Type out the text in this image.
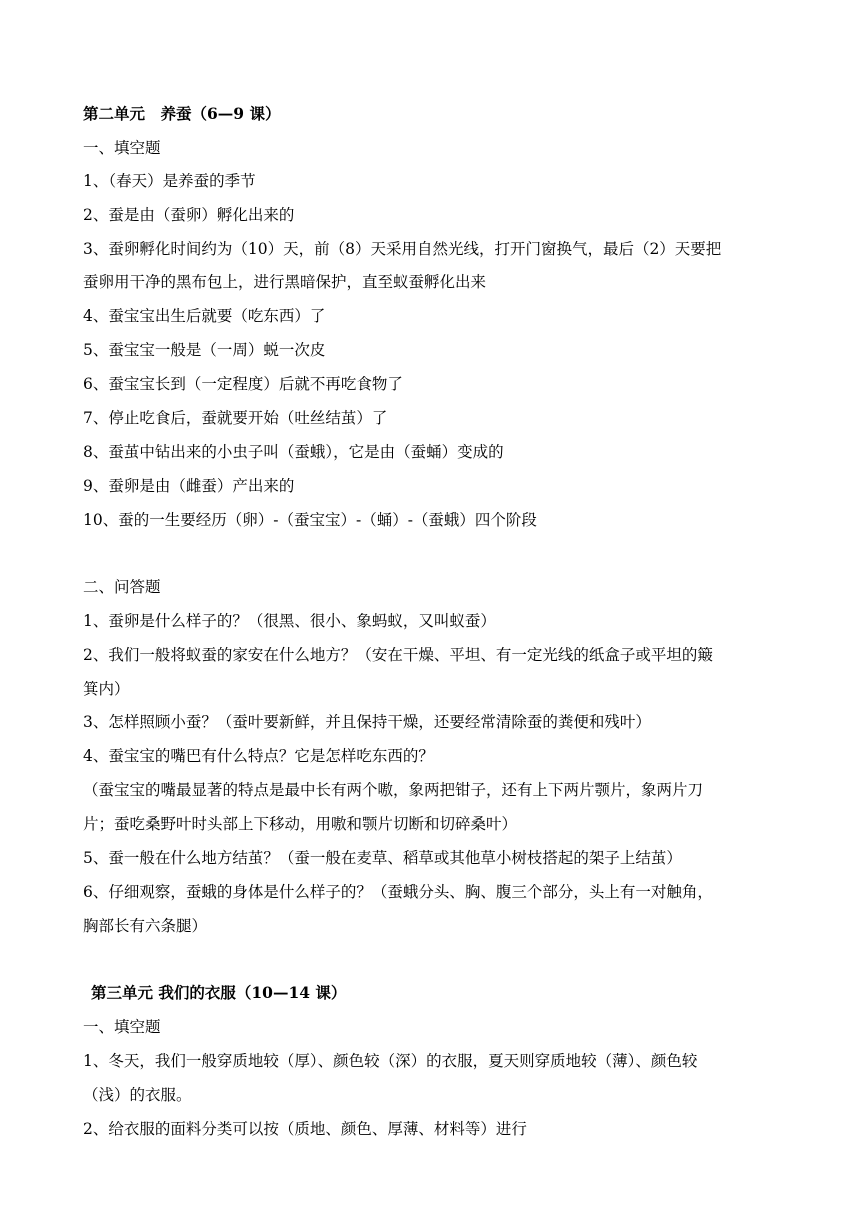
第二单元　养蚕（6—9 课）
一、填空题
1、（春天）是养蚕的季节
2、蚕是由（蚕卵）孵化出来的
3、蚕卵孵化时间约为（10）天，前（8）天采用自然光线，打开门窗换气，最后（2）天要把
蚕卵用干净的黑布包上，进行黑暗保护，直至蚁蚕孵化出来
4、蚕宝宝出生后就要（吃东西）了
5、蚕宝宝一般是（一周）蜕一次皮
6、蚕宝宝长到（一定程度）后就不再吃食物了
7、停止吃食后，蚕就要开始（吐丝结茧）了
8、蚕茧中钻出来的小虫子叫（蚕蛾），它是由（蚕蛹）变成的
9、蚕卵是由（雌蚕）产出来的
10、蚕的一生要经历（卵）-（蚕宝宝）-（蛹）-（蚕蛾）四个阶段
二、问答题
1、蚕卵是什么样子的？（很黑、很小、象蚂蚁，又叫蚁蚕）
2、我们一般将蚁蚕的家安在什么地方？（安在干燥、平坦、有一定光线的纸盒子或平坦的簸
箕内）
3、怎样照顾小蚕？（蚕叶要新鲜，并且保持干燥，还要经常清除蚕的粪便和残叶）
4、蚕宝宝的嘴巴有什么特点？它是怎样吃东西的？
（蚕宝宝的嘴最显著的特点是最中长有两个嗷，象两把钳子，还有上下两片颚片，象两片刀
片；蚕吃桑野叶时头部上下移动，用嗷和颚片切断和切碎桑叶）
5、蚕一般在什么地方结茧？（蚕一般在麦草、稻草或其他草小树枝搭起的架子上结茧）
6、仔细观察，蚕蛾的身体是什么样子的？（蚕蛾分头、胸、腹三个部分，头上有一对触角，
胸部长有六条腿）
第三单元 我们的衣服（10—14 课）
一、填空题
1、冬天，我们一般穿质地较（厚）、颜色较（深）的衣服，夏天则穿质地较（薄）、颜色较
（浅）的衣服。
2、给衣服的面料分类可以按（质地、颜色、厚薄、材料等）进行
